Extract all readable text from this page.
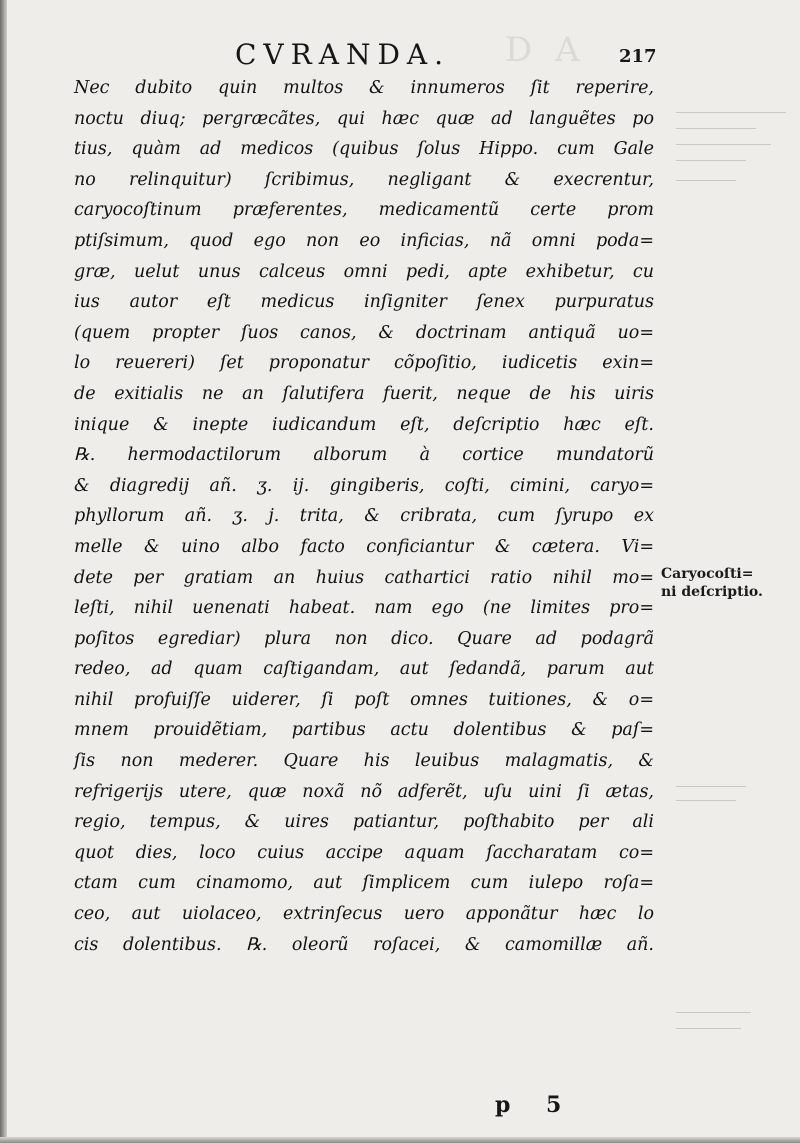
D A
CVRANDA.	217
Nec dubito quin multos & innumeros ſit reperire,
noctu diuq; pergræcãtes, qui hæc quæ ad languẽtes po
tius, quàm ad medicos (quibus ſolus Hippo. cum Gale
no relinquitur) ſcribimus, negligant & execrentur,
caryocoſtinum præferentes, medicamentũ certe prom
ptiſsimum, quod ego non eo inficias, nã omni poda=
græ, uelut unus calceus omni pedi, apte exhibetur, cu
ius autor eſt medicus inſigniter ſenex purpuratus
(quem propter ſuos canos, & doctrinam antiquã uo=
lo reuereri) ſet proponatur cõpoſitio, iudicetis exin=
de exitialis ne an ſalutifera fuerit, neque de his uiris
inique & inepte iudicandum eſt, deſcriptio hæc eſt.
℞. hermodactilorum alborum à cortice mundatorũ
& diagredij añ. ʒ. ij. gingiberis, coſti, cimini, caryo=
phyllorum añ. ʒ. j. trita, & cribrata, cum ſyrupo ex
melle & uino albo facto conficiantur & cætera. Vi=
dete per gratiam an huius cathartici ratio nihil mo=
leſti, nihil uenenati habeat. nam ego (ne limites pro=
poſitos egrediar) plura non dico. Quare ad podagrã
redeo, ad quam caſtigandam, aut ſedandã, parum aut
nihil profuiſſe uiderer, ſi poſt omnes tuitiones, & o=
mnem prouidẽtiam, partibus actu dolentibus & paſ=
ſis non mederer. Quare his leuibus malagmatis, &
refrigerijs utere, quæ noxã nõ adferẽt, uſu uini ſi ætas,
regio, tempus, & uires patiantur, poſthabito per ali
quot dies, loco cuius accipe aquam ſaccharatam co=
ctam cum cinamomo, aut ſimplicem cum iulepo roſa=
ceo, aut uiolaceo, extrinſecus uero apponãtur hæc lo
cis dolentibus. ℞. oleorũ roſacei, & camomillæ añ.
Caryocoſti=
ni deſcriptio.
p 5
